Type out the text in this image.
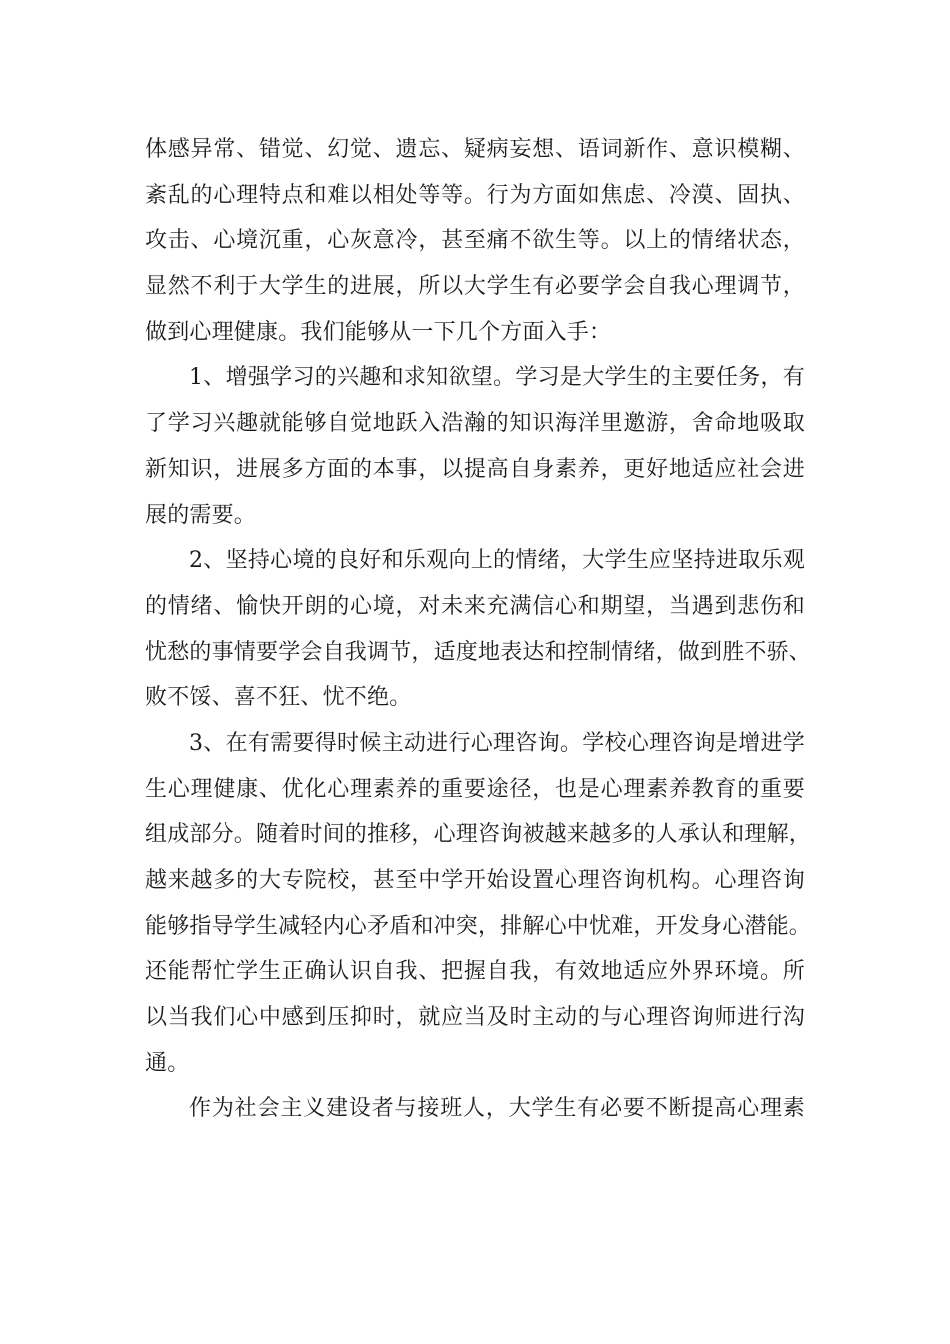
体感异常、错觉、幻觉、遗忘、疑病妄想、语词新作、意识模糊、
紊乱的心理特点和难以相处等等。行为方面如焦虑、冷漠、固执、
攻击、心境沉重，心灰意冷，甚至痛不欲生等。以上的情绪状态，
显然不利于大学生的进展，所以大学生有必要学会自我心理调节，
做到心理健康。我们能够从一下几个方面入手：
1、增强学习的兴趣和求知欲望。学习是大学生的主要任务，有
了学习兴趣就能够自觉地跃入浩瀚的知识海洋里邀游，舍命地吸取
新知识，进展多方面的本事，以提高自身素养，更好地适应社会进
展的需要。
2、坚持心境的良好和乐观向上的情绪，大学生应坚持进取乐观
的情绪、愉快开朗的心境，对未来充满信心和期望，当遇到悲伤和
忧愁的事情要学会自我调节，适度地表达和控制情绪，做到胜不骄、
败不馁、喜不狂、忧不绝。
3、在有需要得时候主动进行心理咨询。学校心理咨询是增进学
生心理健康、优化心理素养的重要途径，也是心理素养教育的重要
组成部分。随着时间的推移，心理咨询被越来越多的人承认和理解，
越来越多的大专院校，甚至中学开始设置心理咨询机构。心理咨询
能够指导学生减轻内心矛盾和冲突，排解心中忧难，开发身心潜能。
还能帮忙学生正确认识自我、把握自我，有效地适应外界环境。所
以当我们心中感到压抑时，就应当及时主动的与心理咨询师进行沟
通。
作为社会主义建设者与接班人，大学生有必要不断提高心理素
